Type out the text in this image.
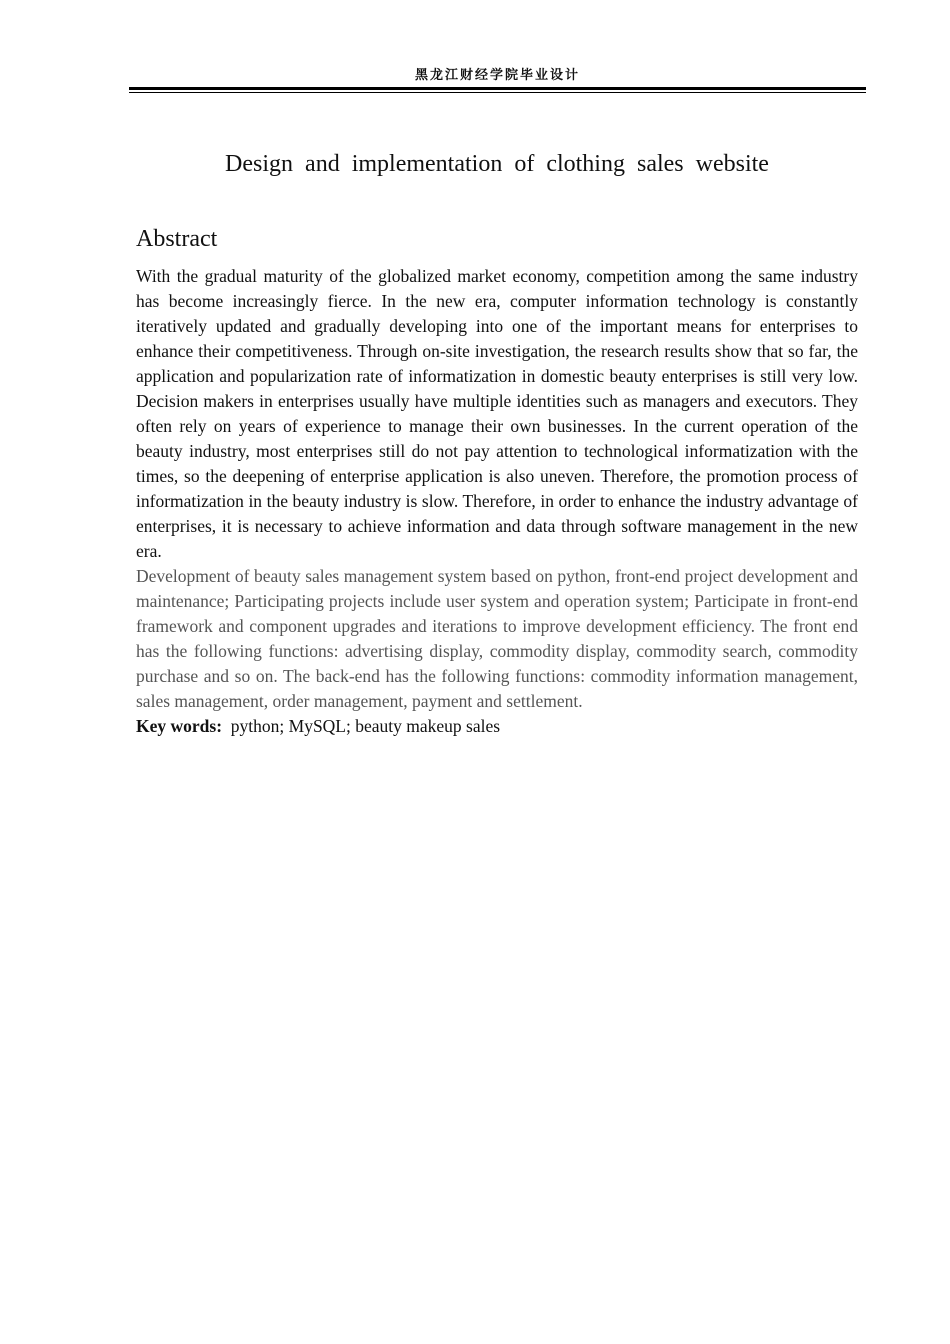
黑龙江财经学院毕业设计
Design and implementation of clothing sales website
Abstract

With the gradual maturity of the globalized market economy, competition among the same industry has become increasingly fierce. In the new era, computer information technology is constantly iteratively updated and gradually developing into one of the important means for enterprises to enhance their competitiveness. Through on-site investigation, the research results show that so far, the application and popularization rate of informatization in domestic beauty enterprises is still very low. Decision makers in enterprises usually have multiple identities such as managers and executors. They often rely on years of experience to manage their own businesses. In the current operation of the beauty industry, most enterprises still do not pay attention to technological informatization with the times, so the deepening of enterprise application is also uneven. Therefore, the promotion process of informatization in the beauty industry is slow. Therefore, in order to enhance the industry advantage of enterprises, it is necessary to achieve information and data through software management in the new era.

Development of beauty sales management system based on python, front-end project development and maintenance; Participating projects include user system and operation system; Participate in front-end framework and component upgrades and iterations to improve development efficiency. The front end has the following functions: advertising display, commodity display, commodity search, commodity purchase and so on. The back-end has the following functions: commodity information management, sales management, order management, payment and settlement.

Key words: python; MySQL; beauty makeup sales
